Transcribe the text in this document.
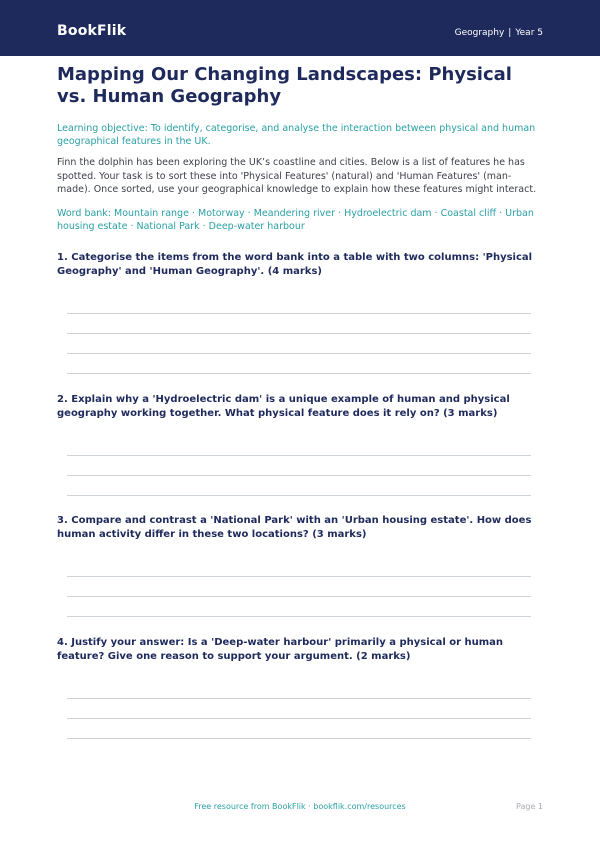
BookFlik	Geography | Year 5
Mapping Our Changing Landscapes: Physical vs. Human Geography
Learning objective: To identify, categorise, and analyse the interaction between physical and human geographical features in the UK.
Finn the dolphin has been exploring the UK’s coastline and cities. Below is a list of features he has spotted. Your task is to sort these into 'Physical Features' (natural) and 'Human Features' (man-made). Once sorted, use your geographical knowledge to explain how these features might interact.
Word bank: Mountain range · Motorway · Meandering river · Hydroelectric dam · Coastal cliff · Urban housing estate · National Park · Deep-water harbour
1. Categorise the items from the word bank into a table with two columns: 'Physical Geography' and 'Human Geography'. (4 marks)
2. Explain why a 'Hydroelectric dam' is a unique example of human and physical geography working together. What physical feature does it rely on? (3 marks)
3. Compare and contrast a 'National Park' with an 'Urban housing estate'. How does human activity differ in these two locations? (3 marks)
4. Justify your answer: Is a 'Deep-water harbour' primarily a physical or human feature? Give one reason to support your argument. (2 marks)
Free resource from BookFlik · bookflik.com/resources	Page 1
